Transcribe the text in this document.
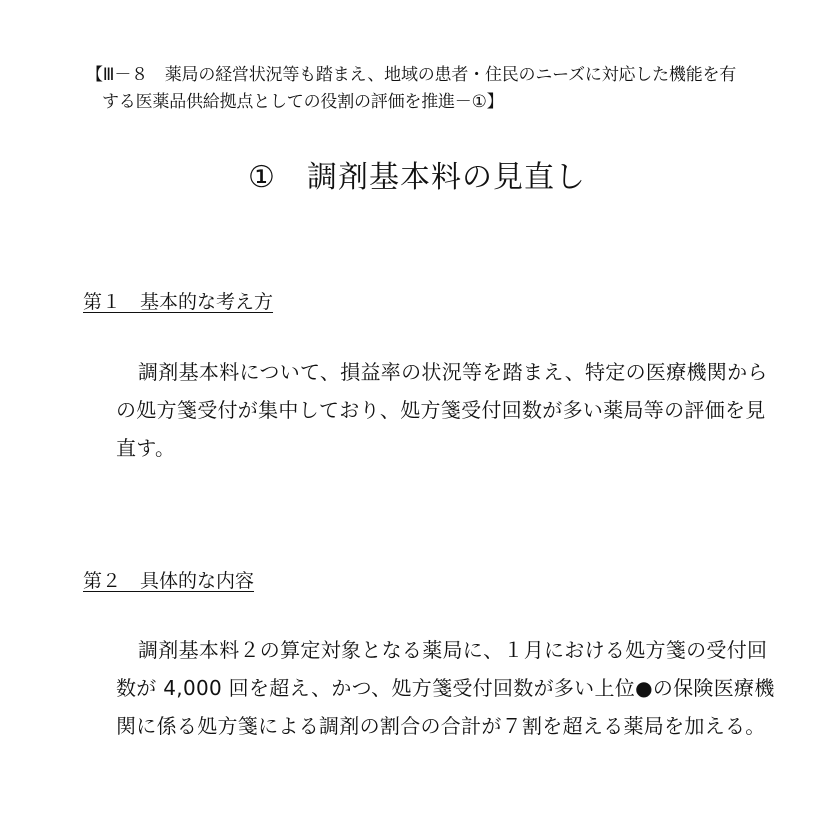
【Ⅲ－８　薬局の経営状況等も踏まえ、地域の患者・住民のニーズに対応した機能を有
する医薬品供給拠点としての役割の評価を推進－①】
①　調剤基本料の見直し
第１　基本的な考え方
調剤基本料について、損益率の状況等を踏まえ、特定の医療機関から
の処方箋受付が集中しており、処方箋受付回数が多い薬局等の評価を見
直す。
第２　具体的な内容
調剤基本料２の算定対象となる薬局に、１月における処方箋の受付回
数が 4,000 回を超え、かつ、処方箋受付回数が多い上位●の保険医療機
関に係る処方箋による調剤の割合の合計が７割を超える薬局を加える。
